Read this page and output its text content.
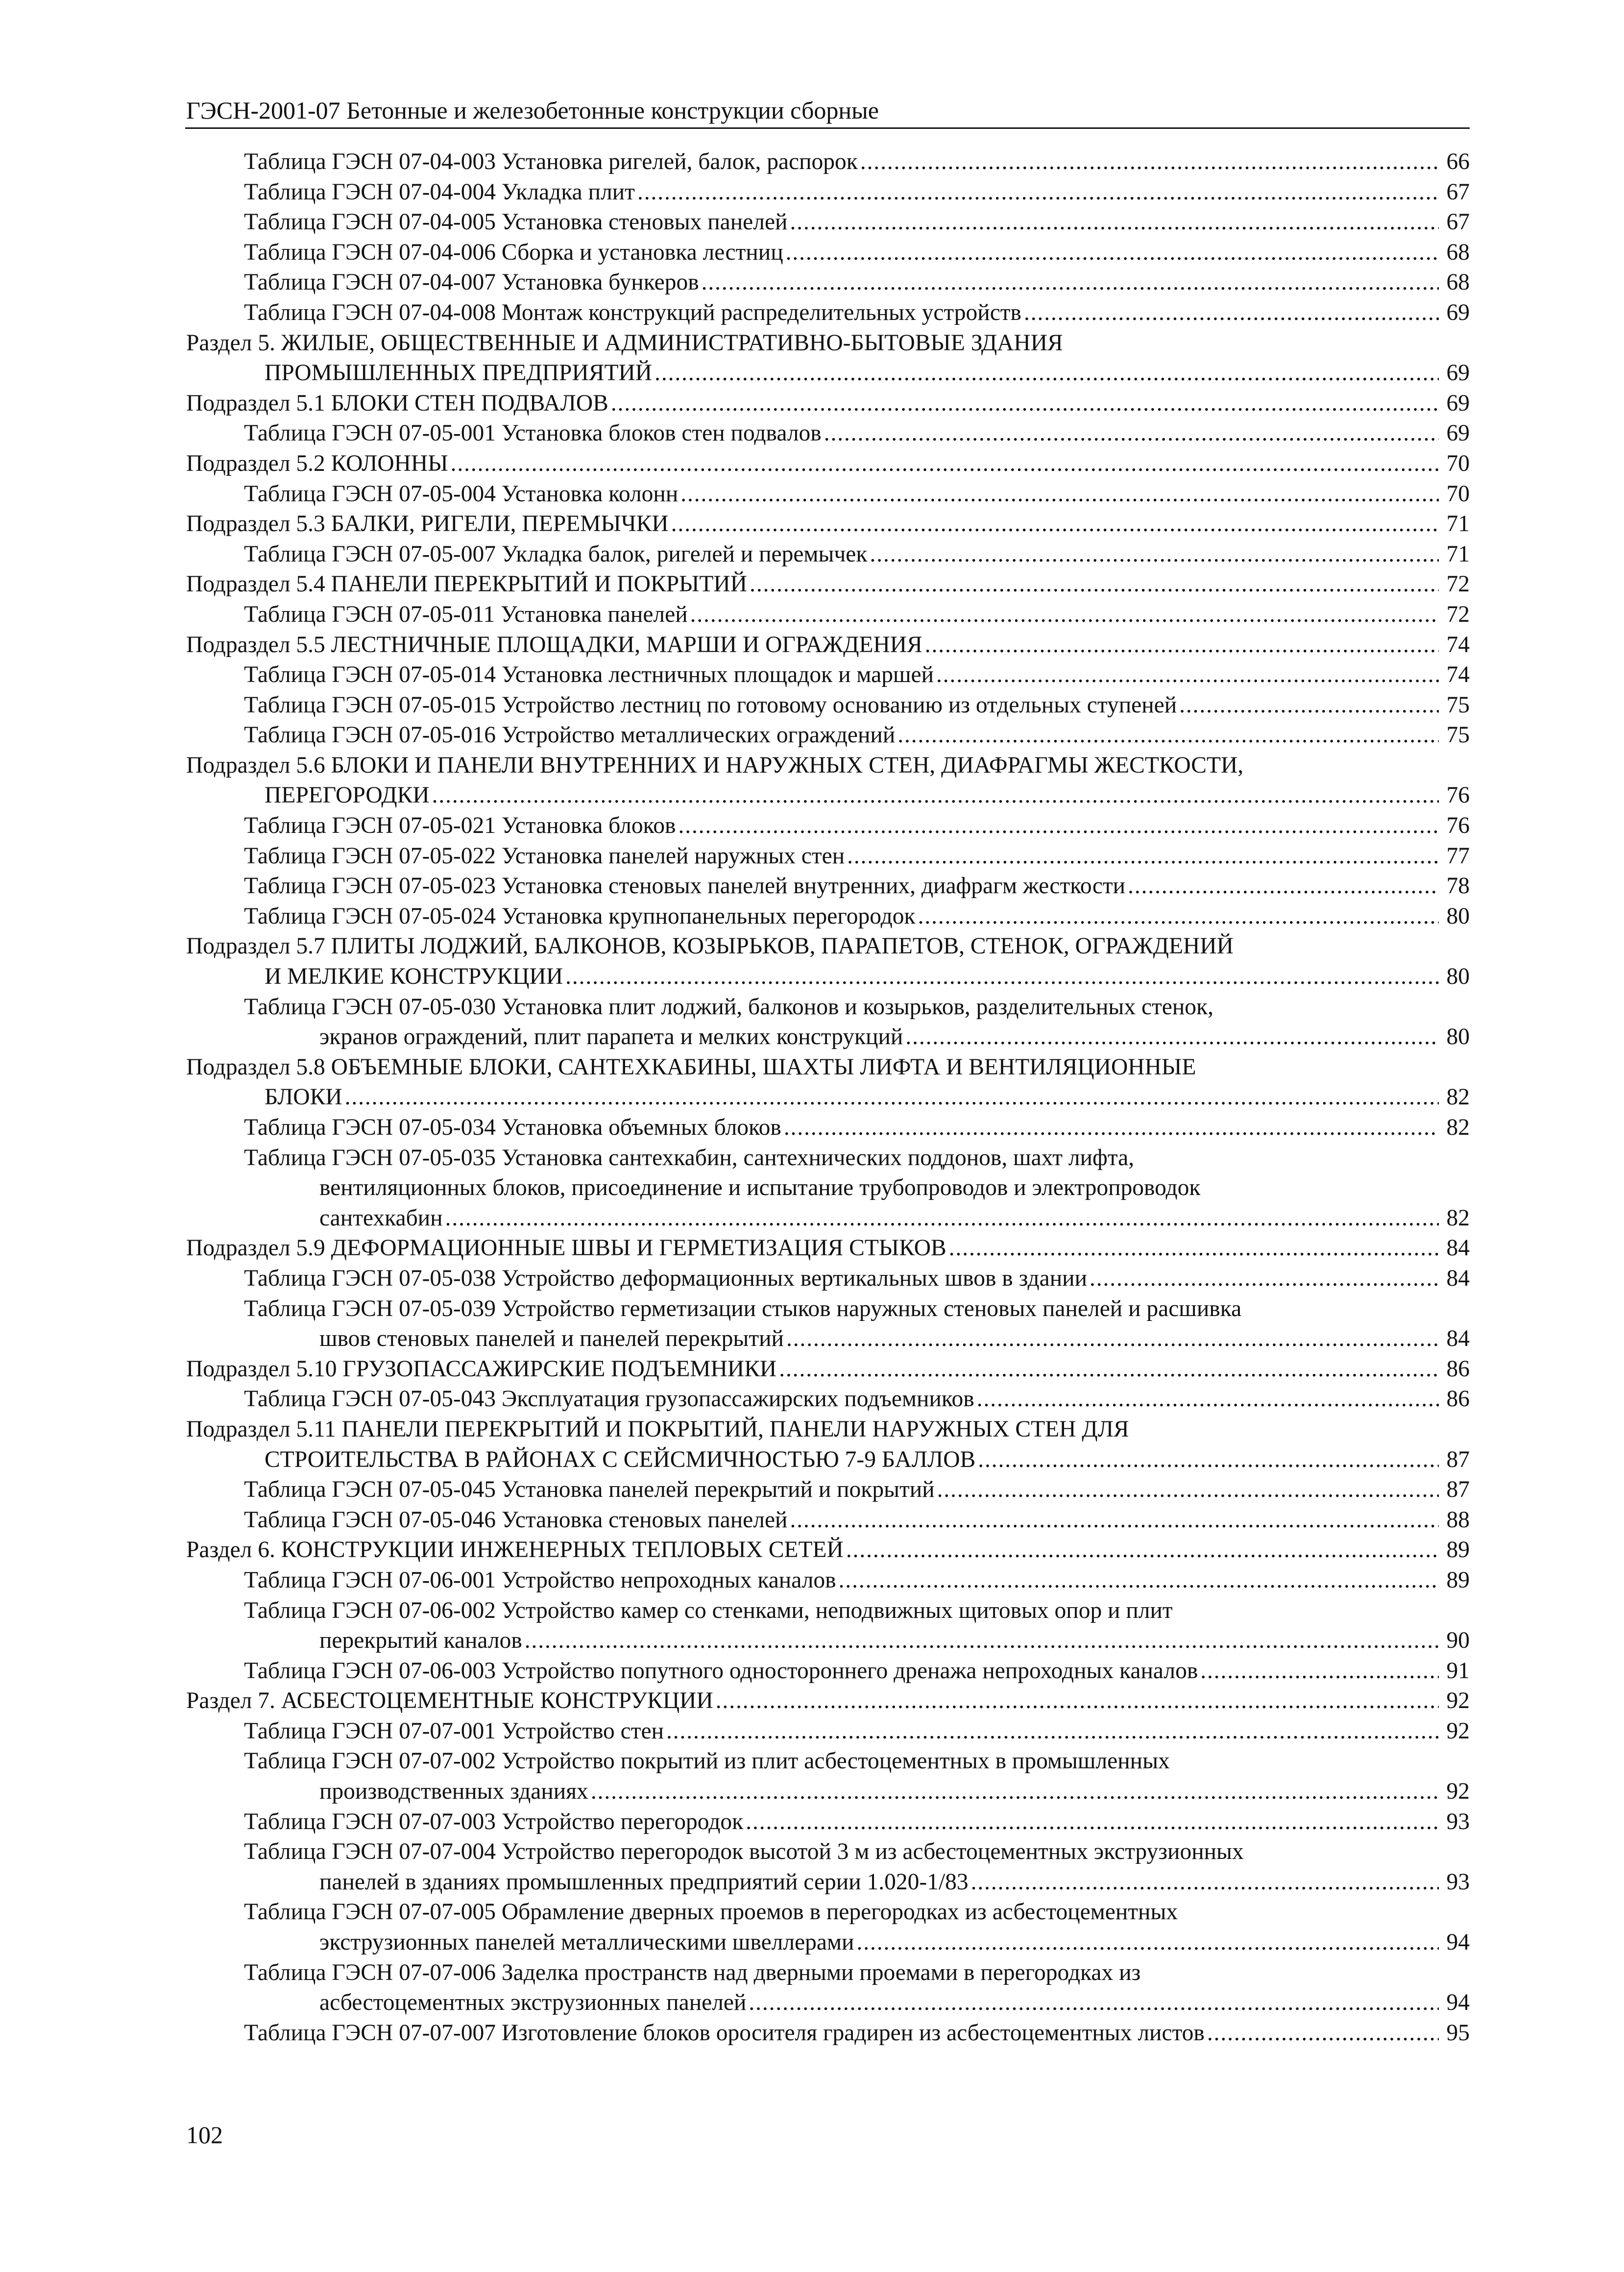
ГЭСН-2001-07 Бетонные и железобетонные конструкции сборные
Таблица ГЭСН 07-04-003 Установка ригелей, балок, распорок . . .	66
Таблица ГЭСН 07-04-004 Укладка плит . . .	67
Таблица ГЭСН 07-04-005 Установка стеновых панелей . . .	67
Таблица ГЭСН 07-04-006 Сборка и установка лестниц . . .	68
Таблица ГЭСН 07-04-007 Установка бункеров . . .	68
Таблица ГЭСН 07-04-008 Монтаж конструкций распределительных устройств . . .	69
Раздел 5. ЖИЛЫЕ, ОБЩЕСТВЕННЫЕ И АДМИНИСТРАТИВНО-БЫТОВЫЕ ЗДАНИЯ
ПРОМЫШЛЕННЫХ ПРЕДПРИЯТИЙ . . .	69
Подраздел 5.1 БЛОКИ СТЕН ПОДВАЛОВ . . .	69
Таблица ГЭСН 07-05-001 Установка блоков стен подвалов . . .	69
Подраздел 5.2 КОЛОННЫ . . .	70
Таблица ГЭСН 07-05-004 Установка колонн . . .	70
Подраздел 5.3 БАЛКИ, РИГЕЛИ, ПЕРЕМЫЧКИ . . .	71
Таблица ГЭСН 07-05-007 Укладка балок, ригелей и перемычек . . .	71
Подраздел 5.4 ПАНЕЛИ ПЕРЕКРЫТИЙ И ПОКРЫТИЙ . . .	72
Таблица ГЭСН 07-05-011 Установка панелей . . .	72
Подраздел 5.5 ЛЕСТНИЧНЫЕ ПЛОЩАДКИ, МАРШИ И ОГРАЖДЕНИЯ . . .	74
Таблица ГЭСН 07-05-014 Установка лестничных площадок и маршей . . .	74
Таблица ГЭСН 07-05-015 Устройство лестниц по готовому основанию из отдельных ступеней . . .	75
Таблица ГЭСН 07-05-016 Устройство металлических ограждений . . .	75
Подраздел 5.6 БЛОКИ И ПАНЕЛИ ВНУТРЕННИХ И НАРУЖНЫХ СТЕН, ДИАФРАГМЫ ЖЕСТКОСТИ,
ПЕРЕГОРОДКИ . . .	76
Таблица ГЭСН 07-05-021 Установка блоков . . .	76
Таблица ГЭСН 07-05-022 Установка панелей наружных стен . . .	77
Таблица ГЭСН 07-05-023 Установка стеновых панелей внутренних, диафрагм жесткости . . .	78
Таблица ГЭСН 07-05-024 Установка крупнопанельных перегородок . . .	80
Подраздел 5.7 ПЛИТЫ ЛОДЖИЙ, БАЛКОНОВ, КОЗЫРЬКОВ, ПАРАПЕТОВ, СТЕНОК, ОГРАЖДЕНИЙ
И МЕЛКИЕ КОНСТРУКЦИИ . . .	80
Таблица ГЭСН 07-05-030 Установка плит лоджий, балконов и козырьков, разделительных стенок,
экранов ограждений, плит парапета и мелких конструкций . . .	80
Подраздел 5.8 ОБЪЕМНЫЕ БЛОКИ, САНТЕХКАБИНЫ, ШАХТЫ ЛИФТА И ВЕНТИЛЯЦИОННЫЕ
БЛОКИ . . .	82
Таблица ГЭСН 07-05-034 Установка объемных блоков . . .	82
Таблица ГЭСН 07-05-035 Установка сантехкабин, сантехнических поддонов, шахт лифта,
вентиляционных блоков, присоединение и испытание трубопроводов и электропроводок
сантехкабин . . .	82
Подраздел 5.9 ДЕФОРМАЦИОННЫЕ ШВЫ И ГЕРМЕТИЗАЦИЯ СТЫКОВ . . .	84
Таблица ГЭСН 07-05-038 Устройство деформационных вертикальных швов в здании . . .	84
Таблица ГЭСН 07-05-039 Устройство герметизации стыков наружных стеновых панелей и расшивка
швов стеновых панелей и панелей перекрытий . . .	84
Подраздел 5.10 ГРУЗОПАССАЖИРСКИЕ ПОДЪЕМНИКИ . . .	86
Таблица ГЭСН 07-05-043 Эксплуатация грузопассажирских подъемников . . .	86
Подраздел 5.11 ПАНЕЛИ ПЕРЕКРЫТИЙ И ПОКРЫТИЙ, ПАНЕЛИ НАРУЖНЫХ СТЕН ДЛЯ
СТРОИТЕЛЬСТВА В РАЙОНАХ С СЕЙСМИЧНОСТЬЮ 7-9 БАЛЛОВ . . .	87
Таблица ГЭСН 07-05-045 Установка панелей перекрытий и покрытий . . .	87
Таблица ГЭСН 07-05-046 Установка стеновых панелей . . .	88
Раздел 6. КОНСТРУКЦИИ ИНЖЕНЕРНЫХ ТЕПЛОВЫХ СЕТЕЙ . . .	89
Таблица ГЭСН 07-06-001 Устройство непроходных каналов . . .	89
Таблица ГЭСН 07-06-002 Устройство камер со стенками, неподвижных щитовых опор и плит
перекрытий каналов . . .	90
Таблица ГЭСН 07-06-003 Устройство попутного одностороннего дренажа непроходных каналов . . .	91
Раздел 7. АСБЕСТОЦЕМЕНТНЫЕ КОНСТРУКЦИИ . . .	92
Таблица ГЭСН 07-07-001 Устройство стен . . .	92
Таблица ГЭСН 07-07-002 Устройство покрытий из плит асбестоцементных в промышленных
производственных зданиях . . .	92
Таблица ГЭСН 07-07-003 Устройство перегородок . . .	93
Таблица ГЭСН 07-07-004 Устройство перегородок высотой 3 м из асбестоцементных экструзионных
панелей в зданиях промышленных предприятий серии 1.020-1/83 . . .	93
Таблица ГЭСН 07-07-005 Обрамление дверных проемов в перегородках из асбестоцементных
экструзионных панелей металлическими швеллерами . . .	94
Таблица ГЭСН 07-07-006 Заделка пространств над дверными проемами в перегородках из
асбестоцементных экструзионных панелей . . .	94
Таблица ГЭСН 07-07-007 Изготовление блоков оросителя градирен из асбестоцементных листов . . .	95
102
